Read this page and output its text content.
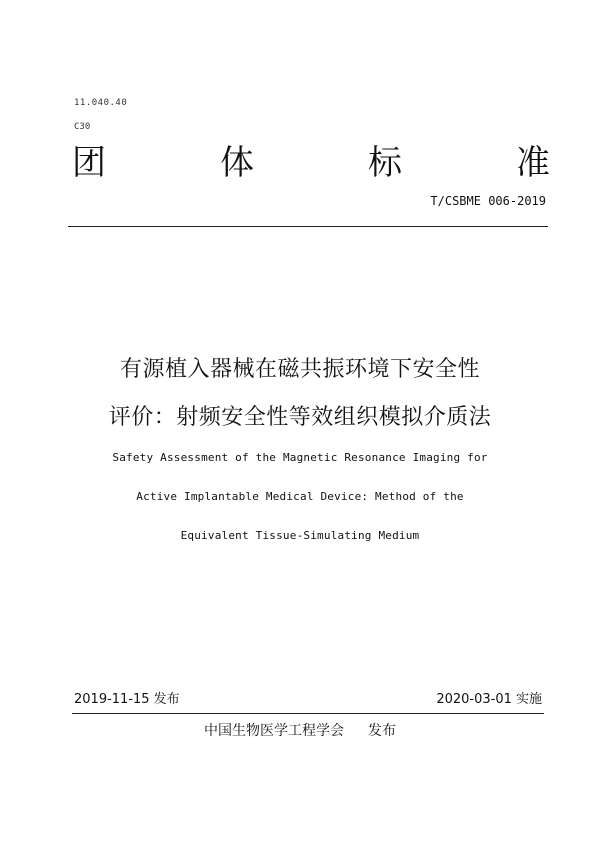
11.040.40
C30
团	体	标	准
T/CSBME 006-2019
有源植入器械在磁共振环境下安全性
评价：射频安全性等效组织模拟介质法
Safety Assessment of the Magnetic Resonance Imaging for
Active Implantable Medical Device: Method of the
Equivalent Tissue-Simulating Medium
2019-11-15 发布	2020-03-01 实施
中国生物医学工程学会 发布
